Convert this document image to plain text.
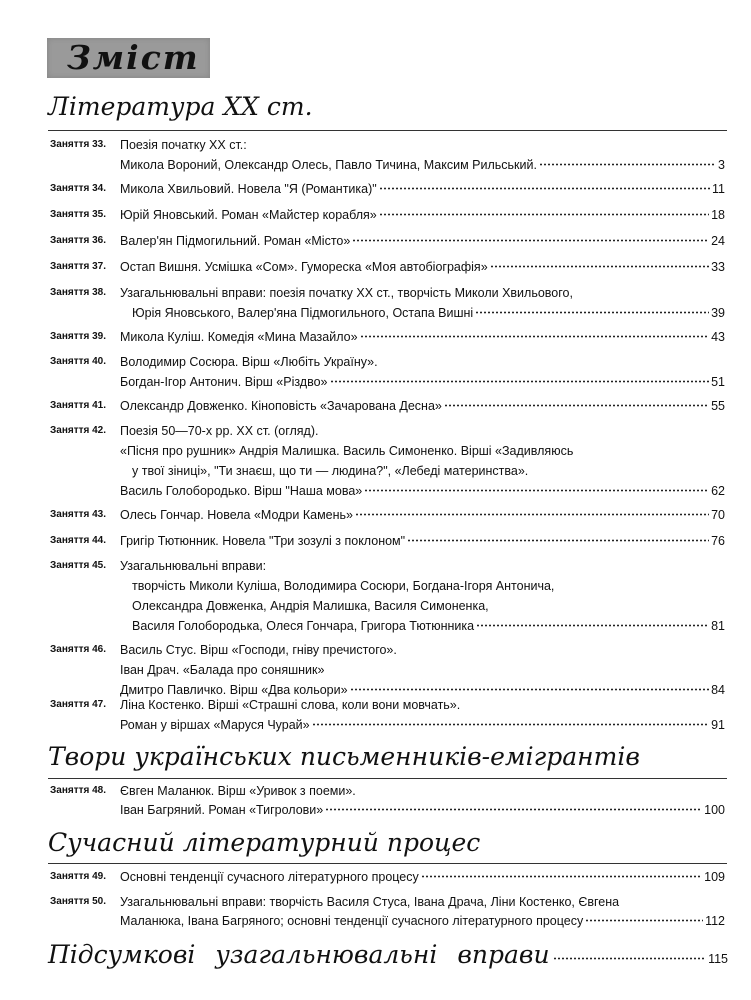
Зміст
Література XX ст.
Заняття 33. Поезія початку XX ст.:
Микола Вороний, Олександр Олесь, Павло Тичина, Максим Рильський.	3
Заняття 34. Микола Хвильовий. Новела "Я (Романтика)"	11
Заняття 35. Юрій Яновський. Роман «Майстер корабля»	18
Заняття 36. Валер'ян Підмогильний. Роман «Місто»	24
Заняття 37. Остап Вишня. Усмішка «Сом». Гумореска «Моя автобіографія»	33
Заняття 38. Узагальнювальні вправи: поезія початку XX ст., творчість Миколи Хвильового,
Юрія Яновського, Валер'яна Підмогильного, Остапа Вишні	39
Заняття 39. Микола Куліш. Комедія «Мина Мазайло»	43
Заняття 40. Володимир Сосюра. Вірш «Любіть Україну».
Богдан-Ігор Антонич. Вірш «Різдво»	51
Заняття 41. Олександр Довженко. Кіноповість «Зачарована Десна»	55
Заняття 42. Поезія 50—70-х рр. XX ст. (огляд).
«Пісня про рушник» Андрія Малишка. Василь Симоненко. Вірші «Задивляюсь
у твої зіниці», "Ти знаєш, що ти — людина?", «Лебеді материнства».
Василь Голобородько. Вірш "Наша мова»	62
Заняття 43. Олесь Гончар. Новела «Модри Камень»	70
Заняття 44. Григір Тютюнник. Новела "Три зозулі з поклоном"	76
Заняття 45. Узагальнювальні вправи:
творчість Миколи Куліша, Володимира Сосюри, Богдана-Ігоря Антонича,
Олександра Довженка, Андрія Малишка, Василя Симоненка,
Василя Голобородька, Олеся Гончара, Григора Тютюнника	81
Заняття 46. Василь Стус. Вірш «Господи, гніву пречистого».
Іван Драч. «Балада про соняшник»
Дмитро Павличко. Вірш «Два кольори»	84
Заняття 47. Ліна Костенко. Вірші «Страшні слова, коли вони мовчать».
Роман у віршах «Маруся Чурай»	91
Твори українських письменників-емігрантів
Заняття 48. Євген Маланюк. Вірш «Уривок з поеми».
Іван Багряний. Роман «Тигролови»	100
Сучасний літературний процес
Заняття 49. Основні тенденції сучасного літературного процесу	109
Заняття 50. Узагальнювальні вправи: творчість Василя Стуса, Івана Драча, Ліни Костенко, Євгена
Маланюка, Івана Багряного; основні тенденції сучасного літературного процесу	112
Підсумкові узагальнювальні вправи	115
